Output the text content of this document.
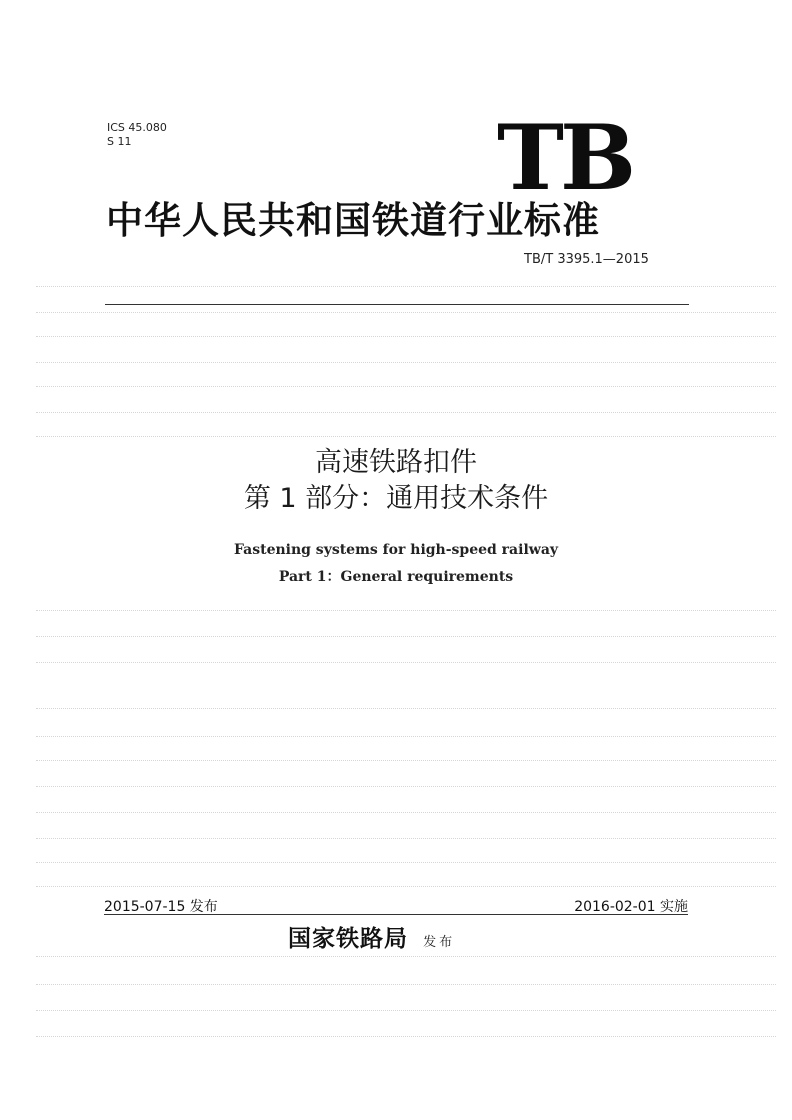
ICS 45.080
S 11	TB
中华人民共和国铁道行业标准
TB/T 3395.1—2015
高速铁路扣件
第 1 部分：通用技术条件
Fastening systems for high-speed railway
Part 1：General requirements
2015-07-15 发布	2016-02-01 实施
国家铁路局 发布
